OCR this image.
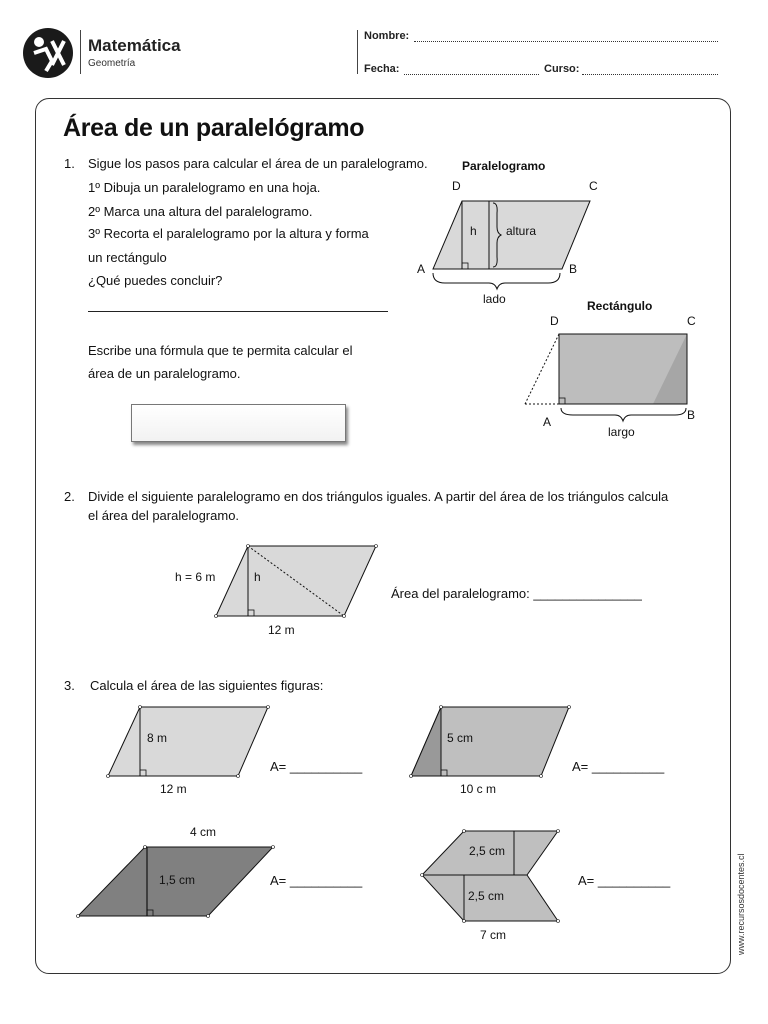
Matemática
Geometría
Nombre:
Fecha:	Curso:
Área de un paralelógramo
1. Sigue los pasos para calcular el área de un paralelogramo.
1º Dibuja un paralelogramo en una hoja.
2º Marca una altura del paralelogramo.
3º Recorta el paralelogramo por la altura y forma
un rectángulo
¿Qué puedes concluir?
Escribe una fórmula que te permita calcular el
área de un paralelogramo.
Paralelogramo
D	C
A	B
h altura
lado	Rectángulo
D	C
A	B
largo
2. Divide el siguiente paralelogramo en dos triángulos iguales. A partir del área de los triángulos calcula
el área del paralelogramo.
h = 6 m	h
12 m
Área del paralelogramo: _______________
3. Calcula el área de las siguientes figuras:
8 m
12 m
A= __________
5 cm
10 c m
A= __________
4 cm
1,5 cm	A= __________
2,5 cm
2,5 cm
7 cm
A= __________	www.recursosdocentes.cl
